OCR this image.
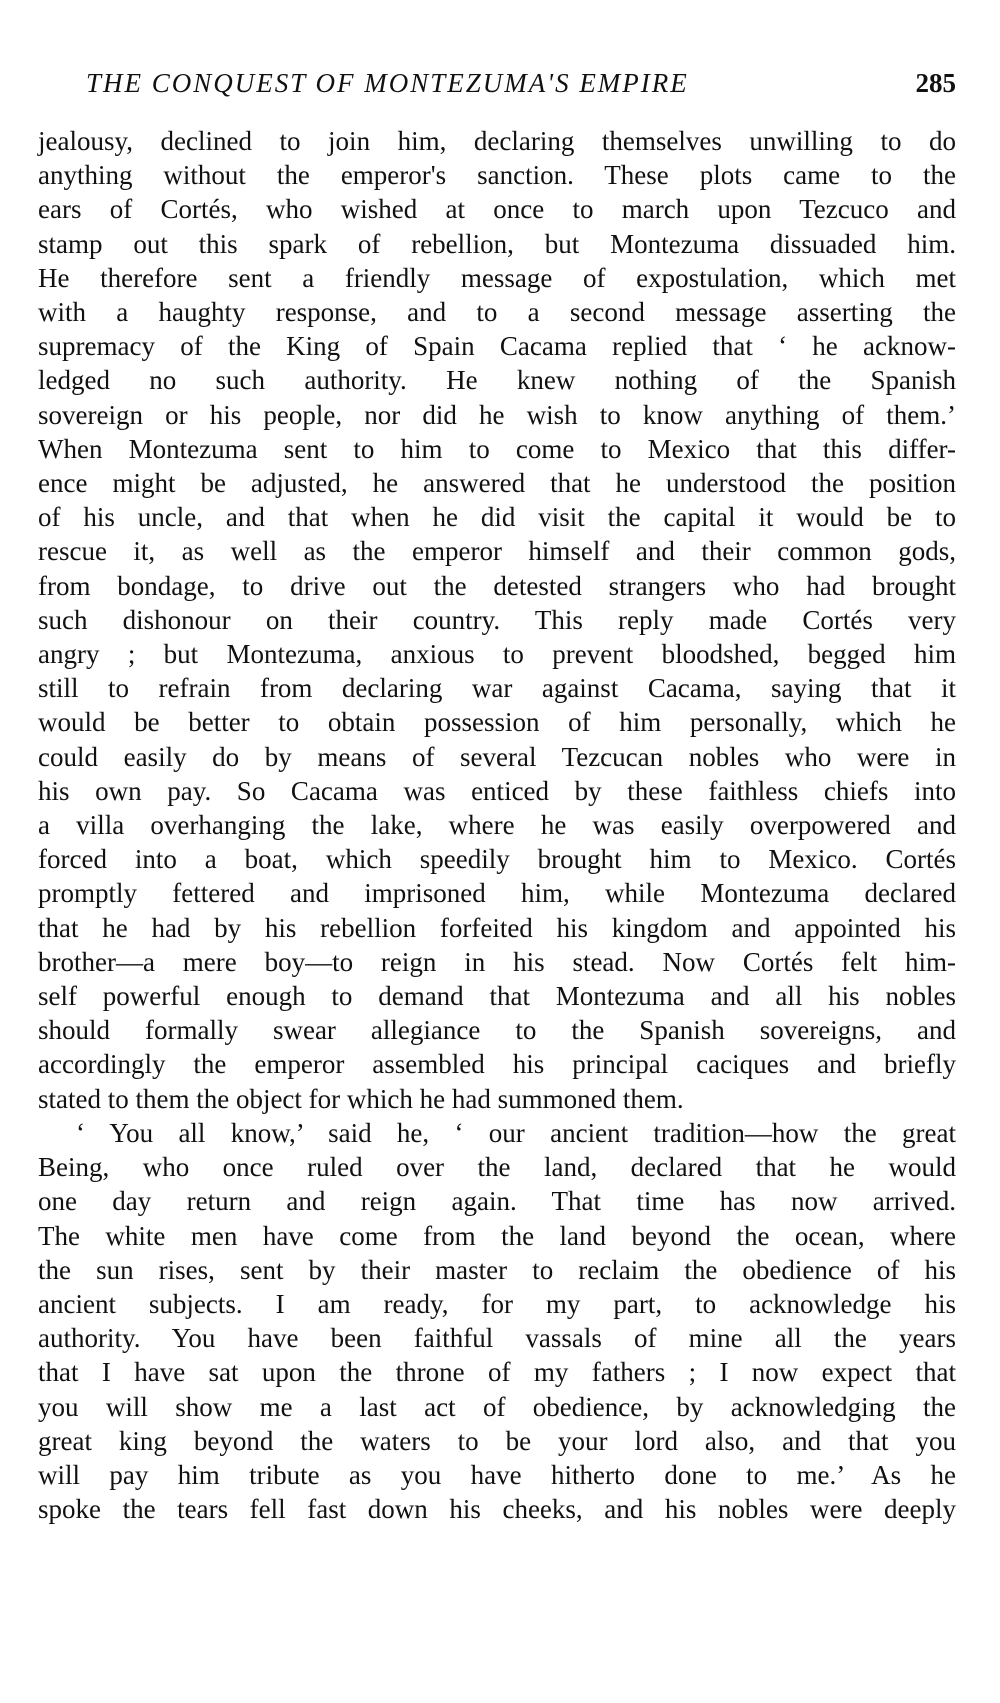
THE CONQUEST OF MONTEZUMA'S EMPIRE	285
jealousy, declined to join him, declaring themselves unwilling to do
anything without the emperor's sanction. These plots came to the
ears of Cortés, who wished at once to march upon Tezcuco and
stamp out this spark of rebellion, but Montezuma dissuaded him.
He therefore sent a friendly message of expostulation, which met
with a haughty response, and to a second message asserting the
supremacy of the King of Spain Cacama replied that ‘ he acknow-
ledged no such authority. He knew nothing of the Spanish
sovereign or his people, nor did he wish to know anything of them.’
When Montezuma sent to him to come to Mexico that this differ-
ence might be adjusted, he answered that he understood the position
of his uncle, and that when he did visit the capital it would be to
rescue it, as well as the emperor himself and their common gods,
from bondage, to drive out the detested strangers who had brought
such dishonour on their country. This reply made Cortés very
angry ; but Montezuma, anxious to prevent bloodshed, begged him
still to refrain from declaring war against Cacama, saying that it
would be better to obtain possession of him personally, which he
could easily do by means of several Tezcucan nobles who were in
his own pay. So Cacama was enticed by these faithless chiefs into
a villa overhanging the lake, where he was easily overpowered and
forced into a boat, which speedily brought him to Mexico. Cortés
promptly fettered and imprisoned him, while Montezuma declared
that he had by his rebellion forfeited his kingdom and appointed his
brother—a mere boy—to reign in his stead. Now Cortés felt him-
self powerful enough to demand that Montezuma and all his nobles
should formally swear allegiance to the Spanish sovereigns, and
accordingly the emperor assembled his principal caciques and briefly
stated to them the object for which he had summoned them.
‘ You all know,’ said he, ‘ our ancient tradition—how the great
Being, who once ruled over the land, declared that he would
one day return and reign again. That time has now arrived.
The white men have come from the land beyond the ocean, where
the sun rises, sent by their master to reclaim the obedience of his
ancient subjects. I am ready, for my part, to acknowledge his
authority. You have been faithful vassals of mine all the years
that I have sat upon the throne of my fathers ; I now expect that
you will show me a last act of obedience, by acknowledging the
great king beyond the waters to be your lord also, and that you
will pay him tribute as you have hitherto done to me.’ As he
spoke the tears fell fast down his cheeks, and his nobles were deeply
